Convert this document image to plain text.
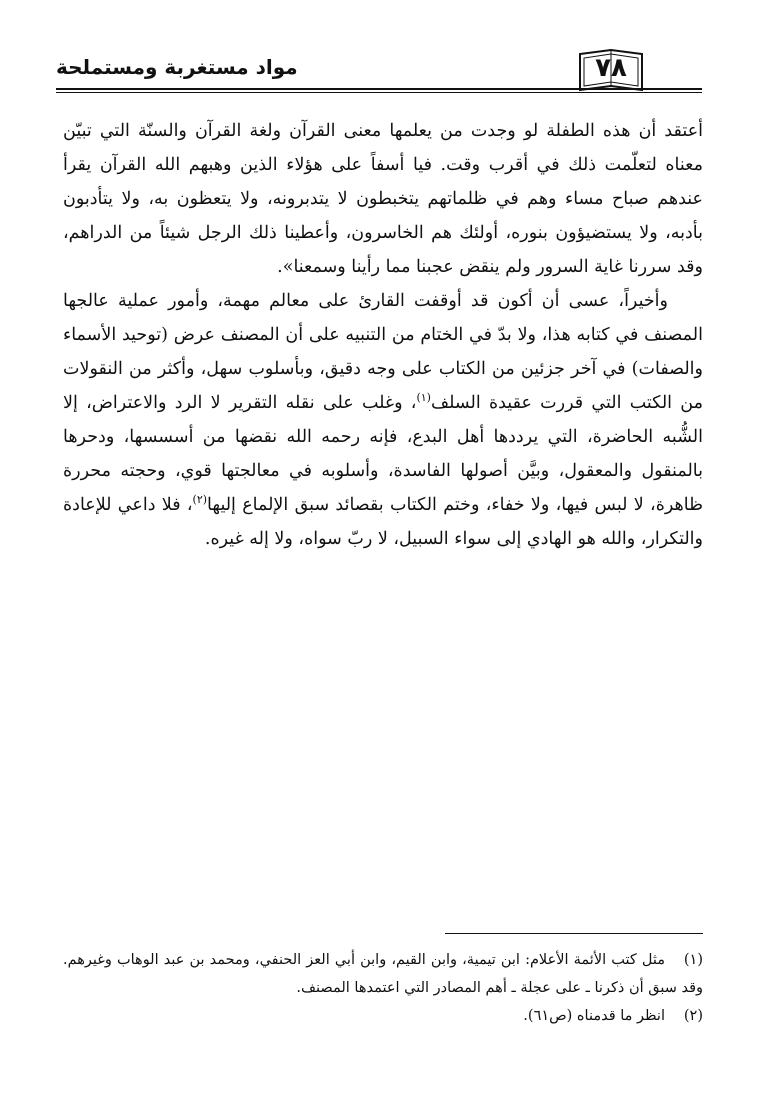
مواد مستغربة ومستملحة	٧٨

أعتقد أن هذه الطفلة لو وجدت من يعلمها معنى القرآن ولغة القرآن والسنّة التي تبيّن معناه لتعلّمت ذلك في أقرب وقت. فيا أسفاً على هؤلاء الذين وهبهم الله القرآن يقرأ عندهم صباح مساء وهم في ظلماتهم يتخبطون لا يتدبرونه، ولا يتعظون به، ولا يتأدبون بأدبه، ولا يستضيؤون بنوره، أولئك هم الخاسرون، وأعطينا ذلك الرجل شيئاً من الدراهم، وقد سررنا غاية السرور ولم ينقض عجبنا مما رأينا وسمعنا».

وأخيراً، عسى أن أكون قد أوقفت القارئ على معالم مهمة، وأمور عملية عالجها المصنف في كتابه هذا، ولا بدّ في الختام من التنبيه على أن المصنف عرض (توحيد الأسماء والصفات) في آخر جزئين من الكتاب على وجه دقيق، وبأسلوب سهل، وأكثر من النقولات من الكتب التي قررت عقيدة السلف$^{(١)}$، وغلب على نقله التقرير لا الرد والاعتراض، إلا الشُّبه الحاضرة، التي يرددها أهل البدع، فإنه رحمه الله نقضها من أسسسها، ودحرها بالمنقول والمعقول، وبيَّن أصولها الفاسدة، وأسلوبه في معالجتها قوي، وحجته محررة ظاهرة، لا لبس فيها، ولا خفاء، وختم الكتاب بقصائد سبق الإلماع إليها$^{(٢)}$، فلا داعي للإعادة والتكرار، والله هو الهادي إلى سواء السبيل، لا ربّ سواه، ولا إله غيره.

(١)مثل كتب الأئمة الأعلام: ابن تيمية، وابن القيم، وابن أبي العز الحنفي، ومحمد بن عبد الوهاب وغيرهم. وقد سبق أن ذكرنا ـ على عجلة ـ أهم المصادر التي اعتمدها المصنف.

(٢)انظر ما قدمناه (ص٦١).
